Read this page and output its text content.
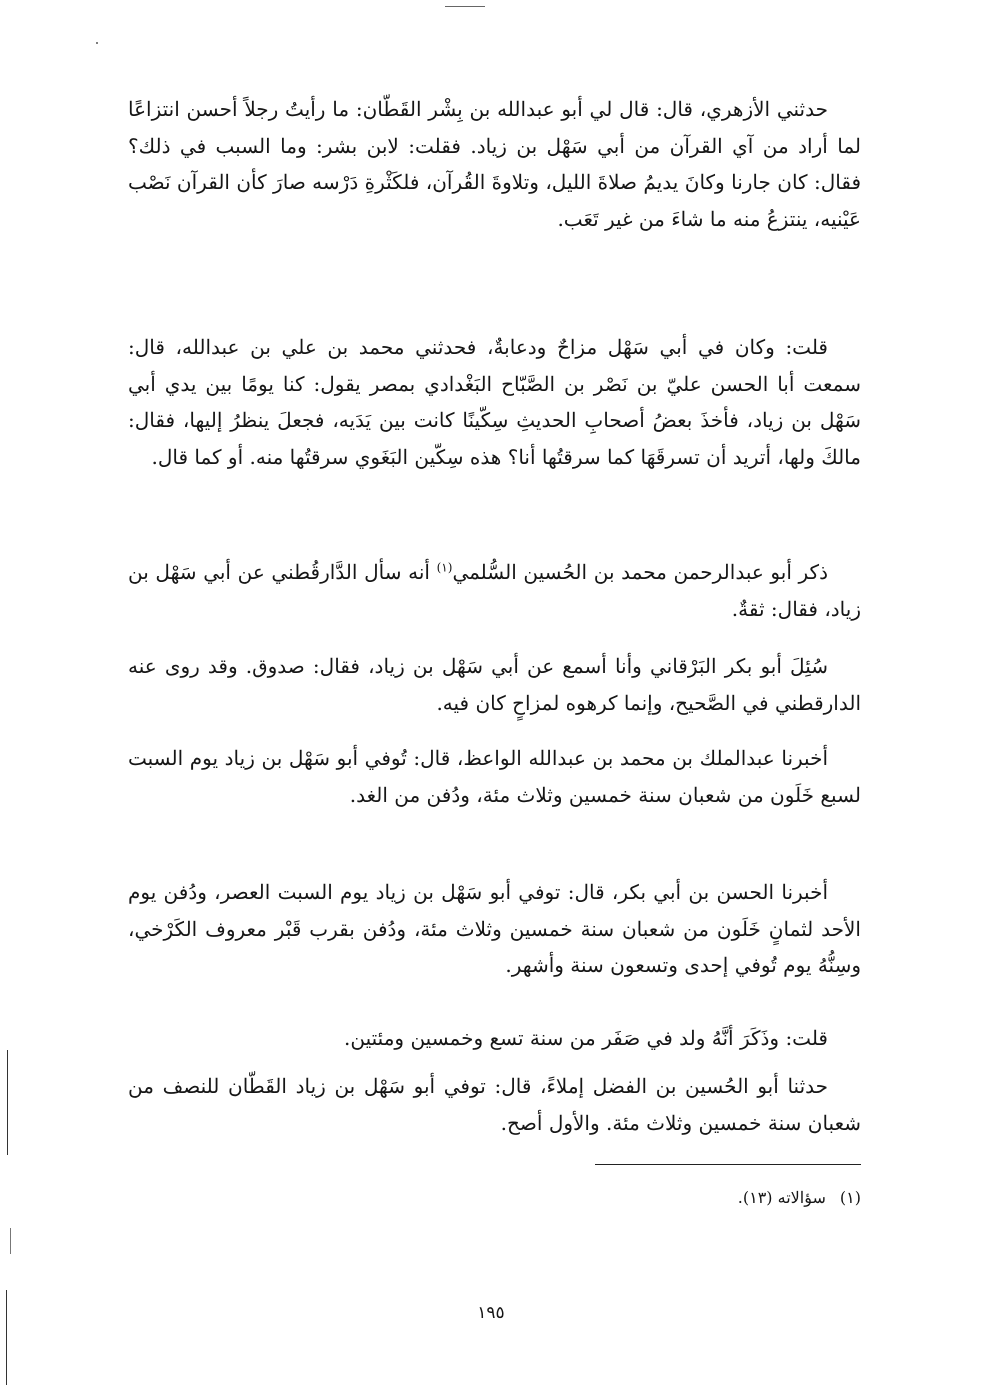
حدثني الأزهري، قال: قال لي أبو عبدالله بن بِشْر القَطّان: ما رأيتُ رجلاً أحسن انتزاعًا لما أراد من آي القرآن من أبي سَهْل بن زياد. فقلت: لابن بشر: وما السبب في ذلك؟ فقال: كان جارنا وكانَ يديمُ صلاةَ الليل، وتلاوةَ القُرآن، فلكَثْرةِ دَرْسه صارَ كأن القرآن نَصْب عَيْنيه، ينتزعُ منه ما شاءَ من غير تَعَب.

قلت: وكان في أبي سَهْل مزاحٌ ودعابةٌ، فحدثني محمد بن علي بن عبدالله، قال: سمعت أبا الحسن عليّ بن نَصْر بن الصَّبّاح البَغْدادي بمصر يقول: كنا يومًا بين يدي أبي سَهْل بن زياد، فأخذَ بعضُ أصحابِ الحديثِ سِكّينًا كانت بين يَدَيه، فجعلَ ينظرُ إليها، فقال: مالكَ ولها، أتريد أن تسرقَهَا كما سرقتُها أنا؟ هذه سِكّين البَغَوي سرقتُها منه. أو كما قال.

ذكر أبو عبدالرحمن محمد بن الحُسين السُّلمي$^{(١)}$ أنه سأل الدَّارقُطني عن أبي سَهْل بن زياد، فقال: ثقةٌ.

سُئِلَ أبو بكر البَرْقاني وأنا أسمع عن أبي سَهْل بن زياد، فقال: صدوق. وقد روى عنه الدارقطني في الصَّحيح، وإنما كرهوه لمزاحٍ كان فيه.

أخبرنا عبدالملك بن محمد بن عبدالله الواعظ، قال: تُوفي أبو سَهْل بن زياد يوم السبت لسبع خَلَون من شعبان سنة خمسين وثلاث مئة، ودُفن من الغد.

أخبرنا الحسن بن أبي بكر، قال: توفي أبو سَهْل بن زياد يوم السبت العصر، ودُفن يوم الأحد لثمانٍ خَلَون من شعبان سنة خمسين وثلاث مئة، ودُفن بقرب قَبْر معروف الكَرْخي، وسِنُّهُ يوم تُوفي إحدى وتسعون سنة وأشهر.

قلت: وذَكَرَ أنَّهُ ولد في صَفَر من سنة تسع وخمسين ومئتين.

حدثنا أبو الحُسين بن الفضل إملاءً، قال: توفي أبو سَهْل بن زياد القَطّان للنصف من شعبان سنة خمسين وثلاث مئة. والأول أصح.

(١)سؤالاته (١٣).
١٩٥
